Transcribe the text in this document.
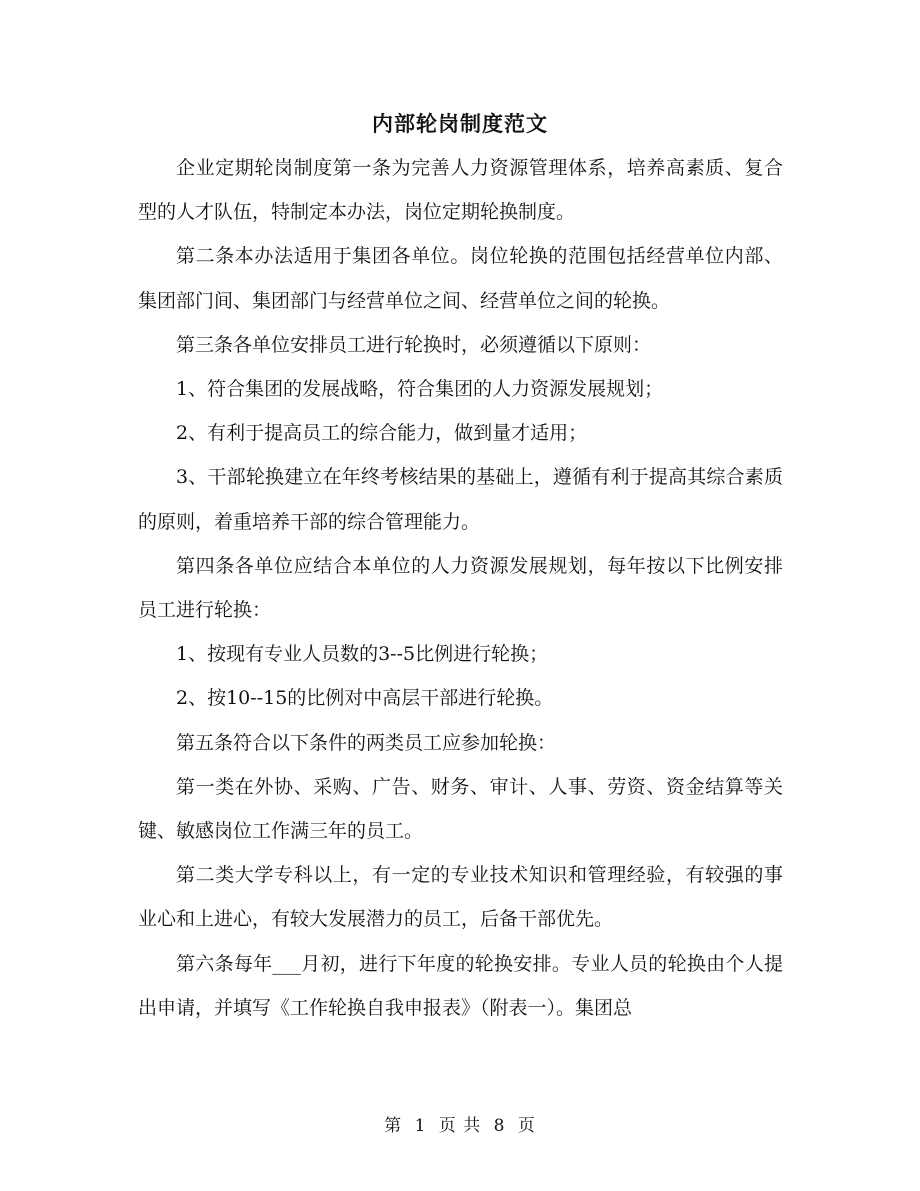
内部轮岗制度范文

企业定期轮岗制度第一条为完善人力资源管理体系，培养高素质、复合型的人才队伍，特制定本办法，岗位定期轮换制度。

第二条本办法适用于集团各单位。岗位轮换的范围包括经营单位内部、集团部门间、集团部门与经营单位之间、经营单位之间的轮换。

第三条各单位安排员工进行轮换时，必须遵循以下原则：

1、符合集团的发展战略，符合集团的人力资源发展规划；

2、有利于提高员工的综合能力，做到量才适用；

3、干部轮换建立在年终考核结果的基础上，遵循有利于提高其综合素质的原则，着重培养干部的综合管理能力。

第四条各单位应结合本单位的人力资源发展规划，每年按以下比例安排员工进行轮换：

1、按现有专业人员数的3--5比例进行轮换；

2、按10--15的比例对中高层干部进行轮换。

第五条符合以下条件的两类员工应参加轮换：

第一类在外协、采购、广告、财务、审计、人事、劳资、资金结算等关键、敏感岗位工作满三年的员工。

第二类大学专科以上，有一定的专业技术知识和管理经验，有较强的事业心和上进心，有较大发展潜力的员工，后备干部优先。

第六条每年___月初，进行下年度的轮换安排。专业人员的轮换由个人提出申请，并填写《工作轮换自我申报表》（附表一）。集团总

第 1 页 共 8 页
